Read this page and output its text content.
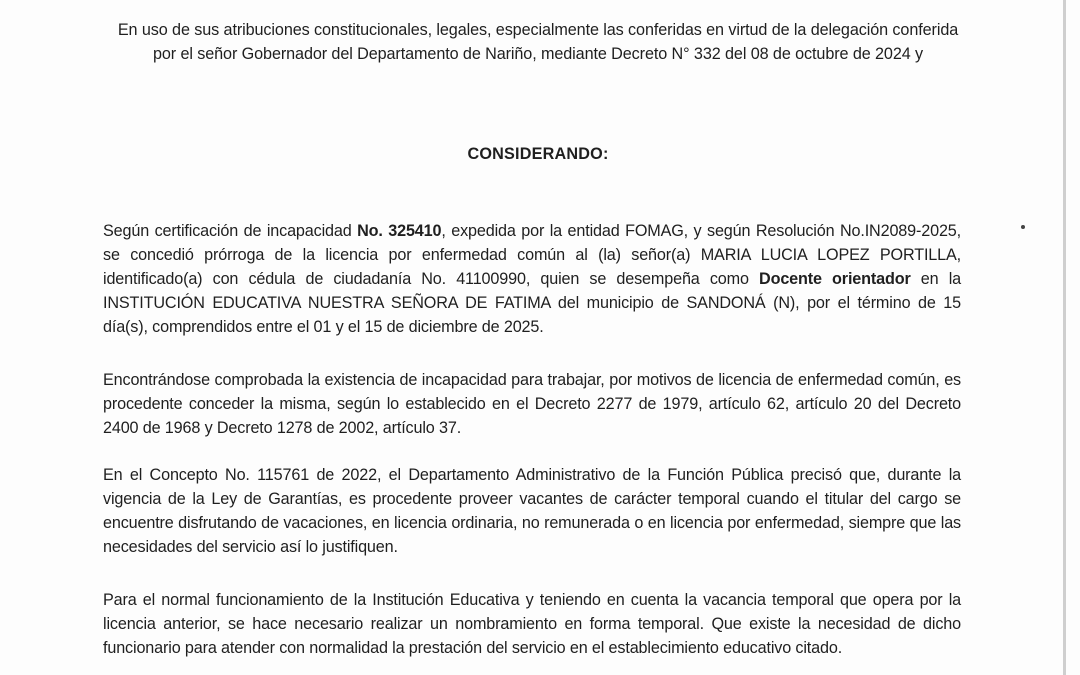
En uso de sus atribuciones constitucionales, legales, especialmente las conferidas en virtud de la delegación conferida por el señor Gobernador del Departamento de Nariño, mediante Decreto N° 332 del 08 de octubre de 2024 y
CONSIDERANDO:
Según certificación de incapacidad No. 325410, expedida por la entidad FOMAG, y según Resolución No.IN2089-2025, se concedió prórroga de la licencia por enfermedad común al (la) señor(a) MARIA LUCIA LOPEZ PORTILLA, identificado(a) con cédula de ciudadanía No. 41100990, quien se desempeña como Docente orientador en la INSTITUCIÓN EDUCATIVA NUESTRA SEÑORA DE FATIMA del municipio de SANDONÁ (N), por el término de 15 día(s), comprendidos entre el 01 y el 15 de diciembre de 2025.
Encontrándose comprobada la existencia de incapacidad para trabajar, por motivos de licencia de enfermedad común, es procedente conceder la misma, según lo establecido en el Decreto 2277 de 1979, artículo 62, artículo 20 del Decreto 2400 de 1968 y Decreto 1278 de 2002, artículo 37.
En el Concepto No. 115761 de 2022, el Departamento Administrativo de la Función Pública precisó que, durante la vigencia de la Ley de Garantías, es procedente proveer vacantes de carácter temporal cuando el titular del cargo se encuentre disfrutando de vacaciones, en licencia ordinaria, no remunerada o en licencia por enfermedad, siempre que las necesidades del servicio así lo justifiquen.
Para el normal funcionamiento de la Institución Educativa y teniendo en cuenta la vacancia temporal que opera por la licencia anterior, se hace necesario realizar un nombramiento en forma temporal. Que existe la necesidad de dicho funcionario para atender con normalidad la prestación del servicio en el establecimiento educativo citado.
